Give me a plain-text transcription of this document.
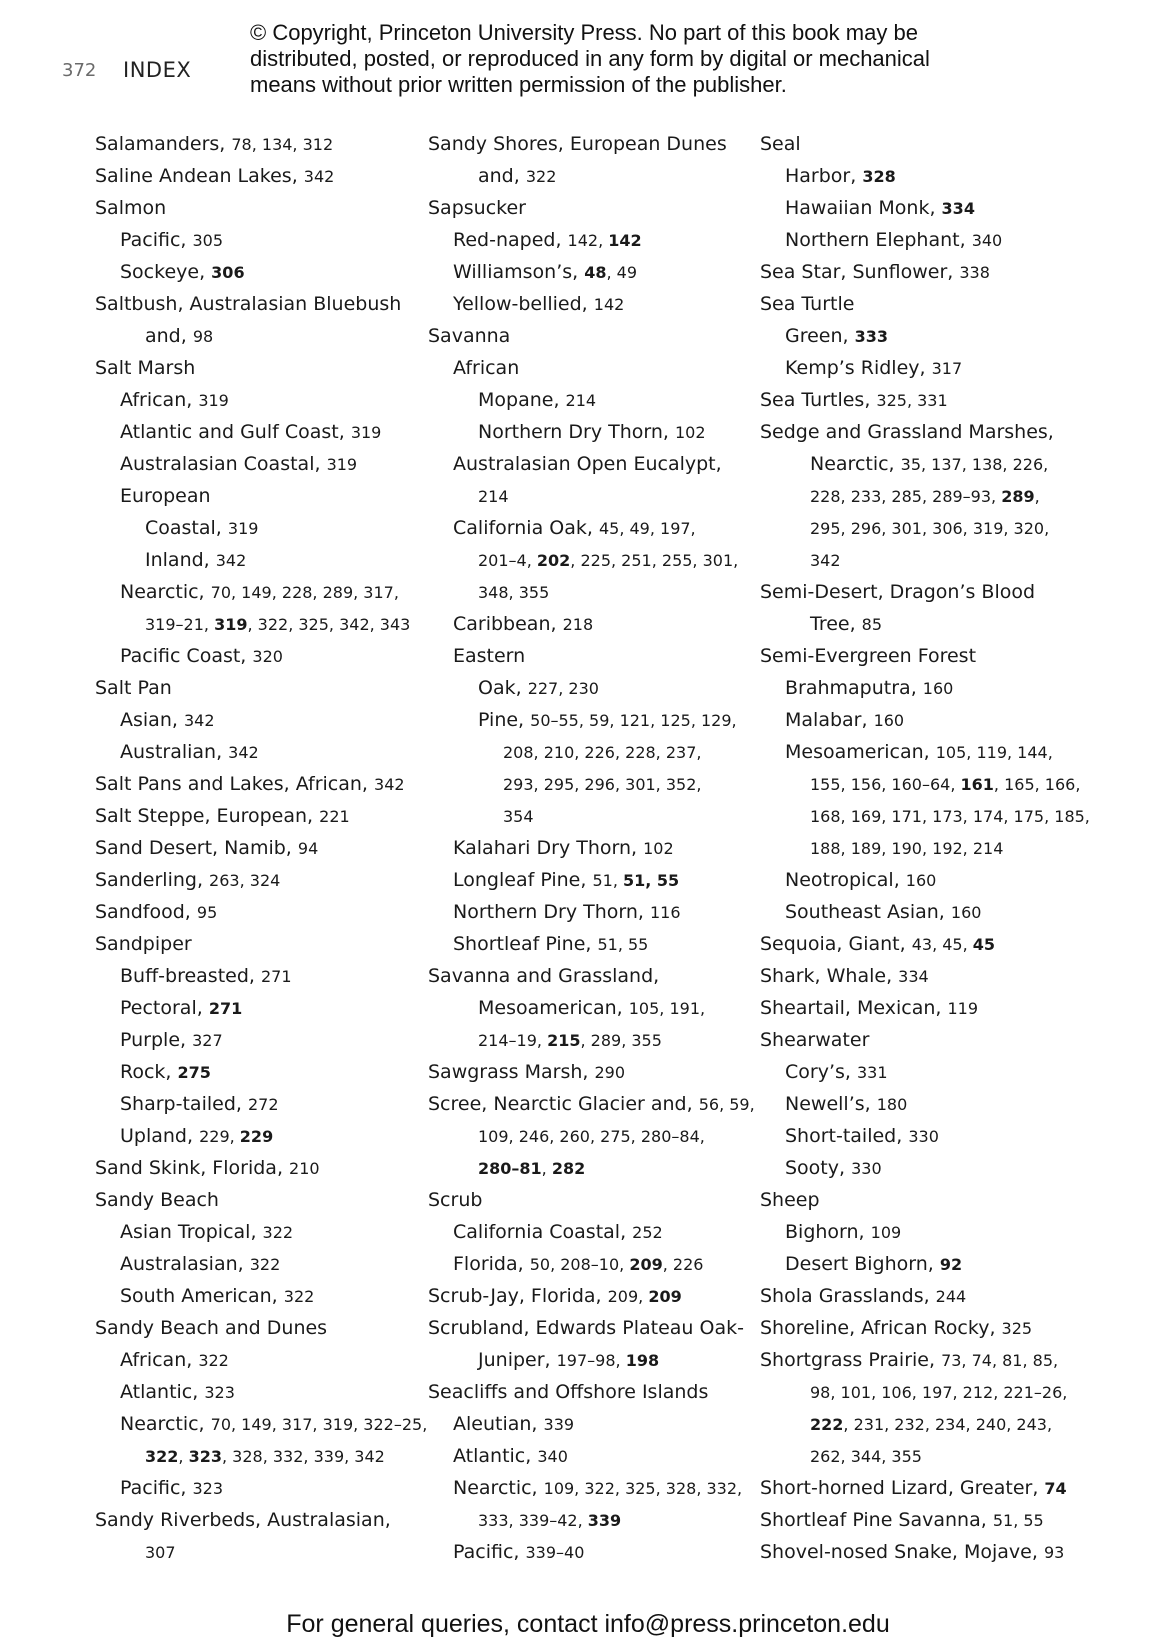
372 INDEX
© Copyright, Princeton University Press. No part of this book may be distributed, posted, or reproduced in any form by digital or mechanical means without prior written permission of the publisher.
Salamanders, 78, 134, 312
Saline Andean Lakes, 342
Salmon
Pacific, 305
Sockeye, 306
Saltbush, Australasian Bluebush
and, 98
Salt Marsh
African, 319
Atlantic and Gulf Coast, 319
Australasian Coastal, 319
European
Coastal, 319
Inland, 342
Nearctic, 70, 149, 228, 289, 317,
319–21, 319, 322, 325, 342, 343
Pacific Coast, 320
Salt Pan
Asian, 342
Australian, 342
Salt Pans and Lakes, African, 342
Salt Steppe, European, 221
Sand Desert, Namib, 94
Sanderling, 263, 324
Sandfood, 95
Sandpiper
Buff-breasted, 271
Pectoral, 271
Purple, 327
Rock, 275
Sharp-tailed, 272
Upland, 229, 229
Sand Skink, Florida, 210
Sandy Beach
Asian Tropical, 322
Australasian, 322
South American, 322
Sandy Beach and Dunes
African, 322
Atlantic, 323
Nearctic, 70, 149, 317, 319, 322–25,
322, 323, 328, 332, 339, 342
Pacific, 323
Sandy Riverbeds, Australasian,
307
Sandy Shores, European Dunes
and, 322
Sapsucker
Red-naped, 142, 142
Williamson’s, 48, 49
Yellow-bellied, 142
Savanna
African
Mopane, 214
Northern Dry Thorn, 102
Australasian Open Eucalypt,
214
California Oak, 45, 49, 197,
201–4, 202, 225, 251, 255, 301,
348, 355
Caribbean, 218
Eastern
Oak, 227, 230
Pine, 50–55, 59, 121, 125, 129,
208, 210, 226, 228, 237,
293, 295, 296, 301, 352,
354
Kalahari Dry Thorn, 102
Longleaf Pine, 51, 51, 55
Northern Dry Thorn, 116
Shortleaf Pine, 51, 55
Savanna and Grassland,
Mesoamerican, 105, 191,
214–19, 215, 289, 355
Sawgrass Marsh, 290
Scree, Nearctic Glacier and, 56, 59,
109, 246, 260, 275, 280–84,
280–81, 282
Scrub
California Coastal, 252
Florida, 50, 208–10, 209, 226
Scrub-Jay, Florida, 209, 209
Scrubland, Edwards Plateau Oak-
Juniper, 197–98, 198
Seacliffs and Offshore Islands
Aleutian, 339
Atlantic, 340
Nearctic, 109, 322, 325, 328, 332,
333, 339–42, 339
Pacific, 339–40
Seal
Harbor, 328
Hawaiian Monk, 334
Northern Elephant, 340
Sea Star, Sunflower, 338
Sea Turtle
Green, 333
Kemp’s Ridley, 317
Sea Turtles, 325, 331
Sedge and Grassland Marshes,
Nearctic, 35, 137, 138, 226,
228, 233, 285, 289–93, 289,
295, 296, 301, 306, 319, 320,
342
Semi-Desert, Dragon’s Blood
Tree, 85
Semi-Evergreen Forest
Brahmaputra, 160
Malabar, 160
Mesoamerican, 105, 119, 144,
155, 156, 160–64, 161, 165, 166,
168, 169, 171, 173, 174, 175, 185,
188, 189, 190, 192, 214
Neotropical, 160
Southeast Asian, 160
Sequoia, Giant, 43, 45, 45
Shark, Whale, 334
Sheartail, Mexican, 119
Shearwater
Cory’s, 331
Newell’s, 180
Short-tailed, 330
Sooty, 330
Sheep
Bighorn, 109
Desert Bighorn, 92
Shola Grasslands, 244
Shoreline, African Rocky, 325
Shortgrass Prairie, 73, 74, 81, 85,
98, 101, 106, 197, 212, 221–26,
222, 231, 232, 234, 240, 243,
262, 344, 355
Short-horned Lizard, Greater, 74
Shortleaf Pine Savanna, 51, 55
Shovel-nosed Snake, Mojave, 93
For general queries, contact info@press.princeton.edu
